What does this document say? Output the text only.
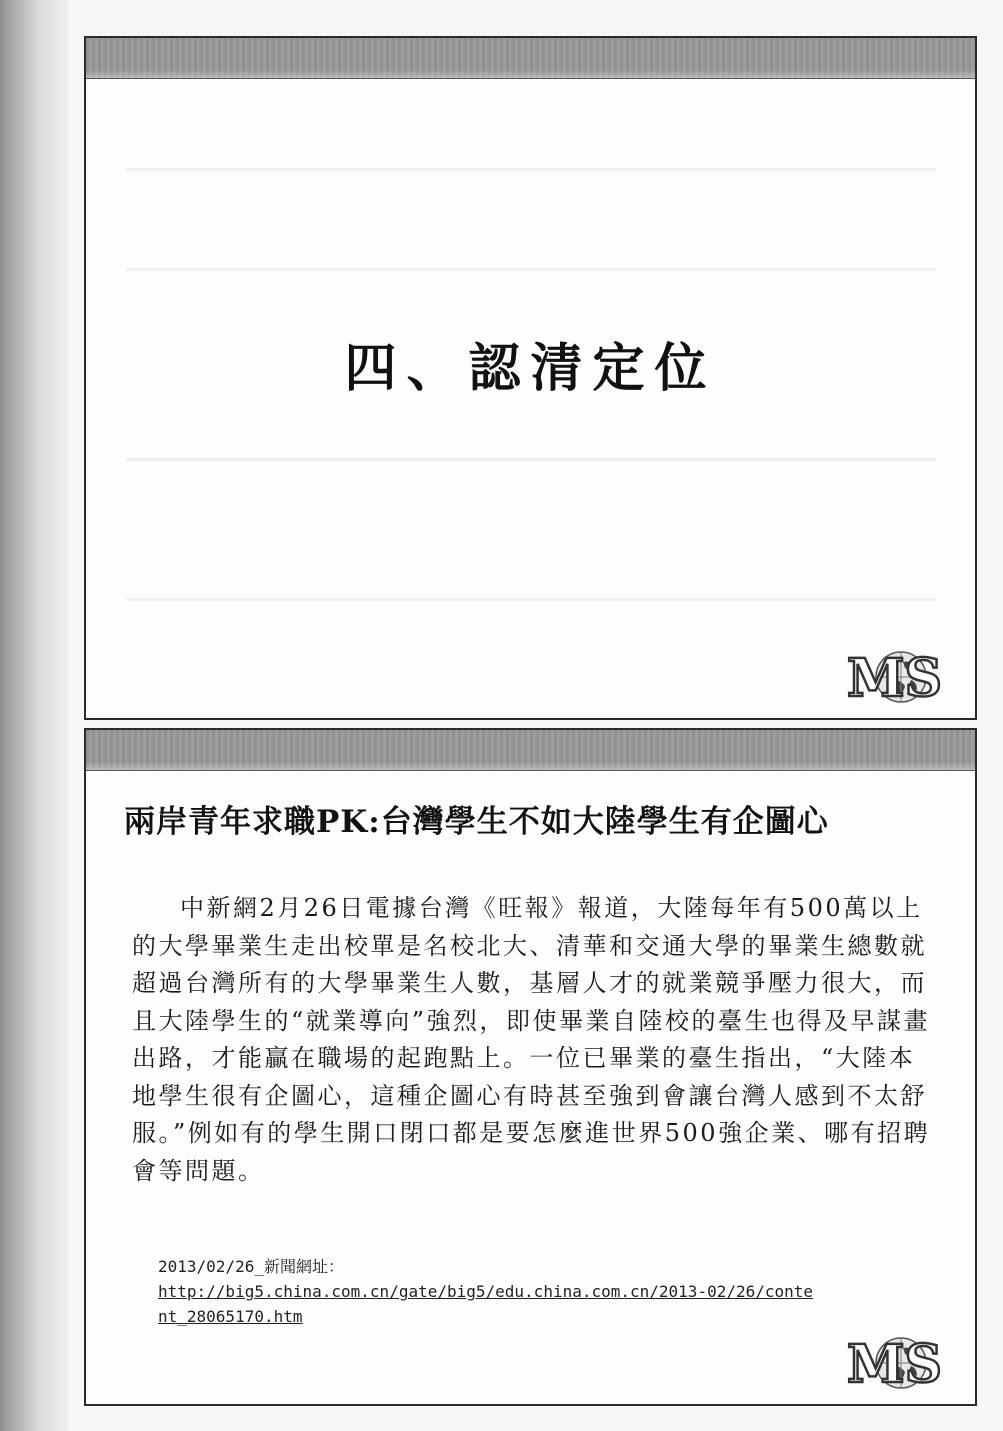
四、認清定位
MS
兩岸青年求職PK:台灣學生不如大陸學生有企圖心
中新網2月26日電據台灣《旺報》報道，大陸每年有500萬以上的大學畢業生走出校單是名校北大、清華和交通大學的畢業生總數就超過台灣所有的大學畢業生人數，基層人才的就業競爭壓力很大，而且大陸學生的“就業導向”強烈，即使畢業自陸校的臺生也得及早謀畫出路，才能贏在職場的起跑點上。一位已畢業的臺生指出，“大陸本地學生很有企圖心，這種企圖心有時甚至強到會讓台灣人感到不太舒服。”例如有的學生開口閉口都是要怎麼進世界500強企業、哪有招聘會等問題。
2013/02/26_新聞網址：
http://big5.china.com.cn/gate/big5/edu.china.com.cn/2013-02/26/content_28065170.htm
MS
